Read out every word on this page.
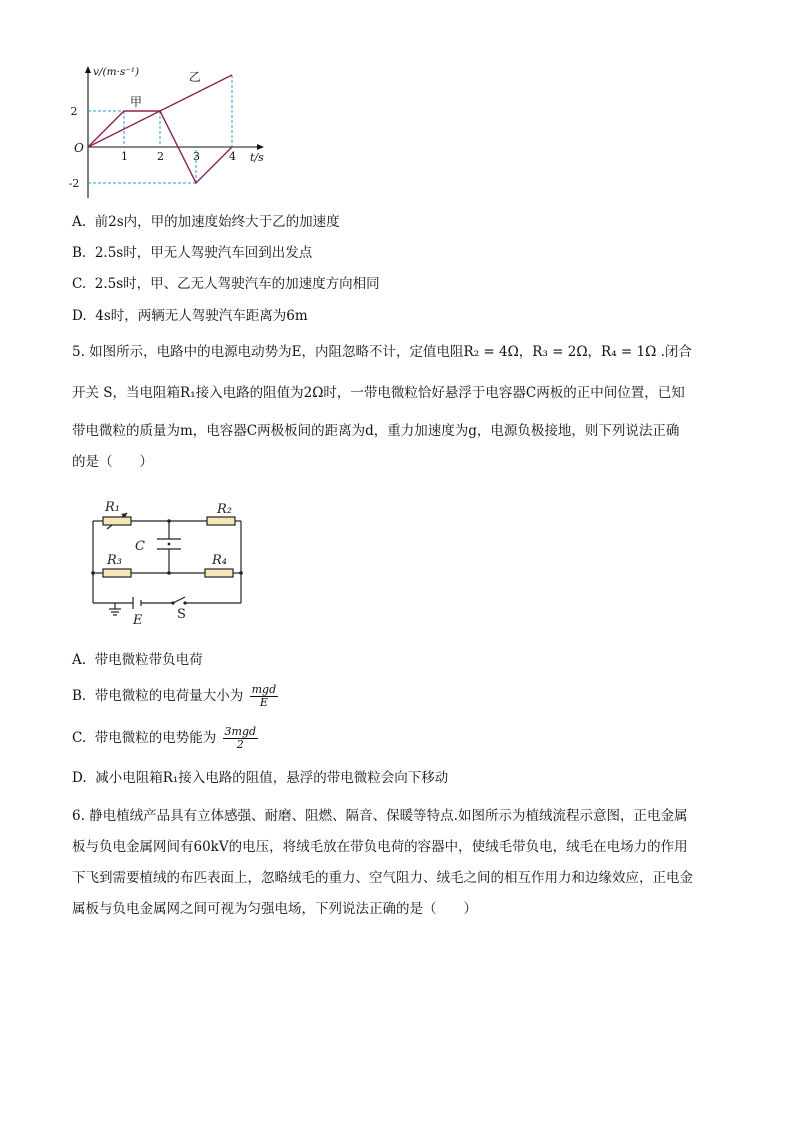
甲
乙
v/(m·s⁻¹)
t/s
O
1	2	3	4
2
-2
A. 前2s内，甲的加速度始终大于乙的加速度
B. 2.5s时，甲无人驾驶汽车回到出发点
C. 2.5s时，甲、乙无人驾驶汽车的加速度方向相同
D. 4s时，两辆无人驾驶汽车距离为6m
5. 如图所示，电路中的电源电动势为E，内阻忽略不计，定值电阻R₂ = 4Ω，R₃ = 2Ω，R₄ = 1Ω .闭合
开关 S，当电阻箱R₁接入电路的阻值为2Ω时，一带电微粒恰好悬浮于电容器C两板的正中间位置，已知
带电微粒的质量为m，电容器C两极板间的距离为d，重力加速度为g，电源负极接地，则下列说法正确
的是（　　）
R₁	R₂
R₃	R₄
C
E	S
A. 带电微粒带负电荷
B. 带电微粒的电荷量大小为 $\frac{\text{mgd}}{E}$
C. 带电微粒的电势能为 $\frac{\text{3mgd}}{2}$
D. 减小电阻箱R₁接入电路的阻值，悬浮的带电微粒会向下移动
6. 静电植绒产品具有立体感强、耐磨、阻燃、隔音、保暖等特点.如图所示为植绒流程示意图，正电金属
板与负电金属网间有60kV的电压，将绒毛放在带负电荷的容器中，使绒毛带负电，绒毛在电场力的作用
下飞到需要植绒的布匹表面上，忽略绒毛的重力、空气阻力、绒毛之间的相互作用力和边缘效应，正电金
属板与负电金属网之间可视为匀强电场，下列说法正确的是（　　）
